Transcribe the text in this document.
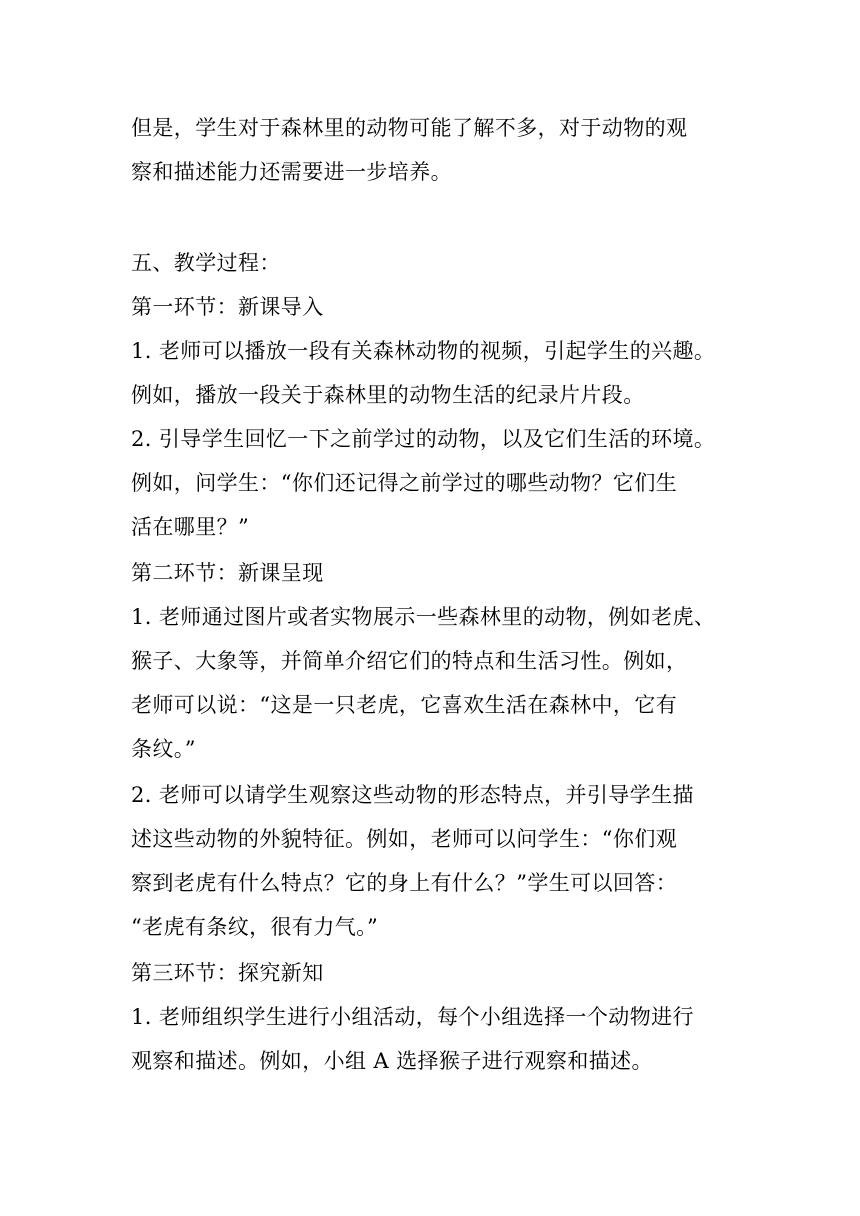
但是，学生对于森林里的动物可能了解不多，对于动物的观
察和描述能力还需要进一步培养。
五、教学过程：
第一环节：新课导入
1. 老师可以播放一段有关森林动物的视频，引起学生的兴趣。
例如，播放一段关于森林里的动物生活的纪录片片段。
2. 引导学生回忆一下之前学过的动物，以及它们生活的环境。
例如，问学生：“你们还记得之前学过的哪些动物？它们生
活在哪里？”
第二环节：新课呈现
1. 老师通过图片或者实物展示一些森林里的动物，例如老虎、
猴子、大象等，并简单介绍它们的特点和生活习性。例如，
老师可以说：“这是一只老虎，它喜欢生活在森林中，它有
条纹。”
2. 老师可以请学生观察这些动物的形态特点，并引导学生描
述这些动物的外貌特征。例如，老师可以问学生：“你们观
察到老虎有什么特点？它的身上有什么？”学生可以回答：
“老虎有条纹，很有力气。”
第三环节：探究新知
1. 老师组织学生进行小组活动，每个小组选择一个动物进行
观察和描述。例如，小组 A 选择猴子进行观察和描述。
